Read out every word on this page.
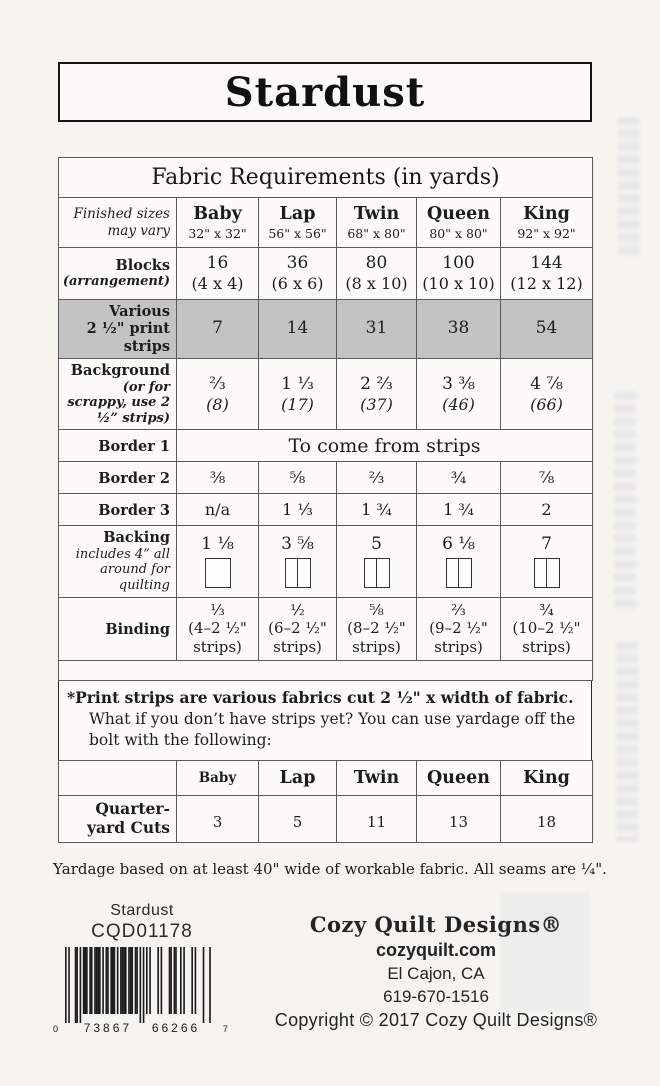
Stardust
Fabric Requirements (in yards)					
Finished sizes may vary	
Baby
32" x 32"

Lap
56" x 56"

Twin
68" x 80"

Queen
80" x 80"

King
92" x 92"

Blocks
(arrangement)

16
(4 x 4)

36
(6 x 6)

80
(8 x 10)

100
(10 x 10)

144
(12 x 12)

Various
2 ½" print strips	7	14	31	38	54

Background
(or for scrappy, use 2 ½” strips)

⅔
(8)

1 ⅓
(17)

2 ⅔
(37)

3 ⅜
(46)

4 ⅞
(66)

Border 1	To come from strips				
Border 2	⅜	⅝	⅔	¾	⅞
Border 3	n/a	1 ⅓	1 ¾	1 ¾	2

Backing
includes 4” all around for quilting	1 ⅛	3 ⅝	5	6 ⅛	7

Binding	
⅓
(4–2 ½" strips)

½
(6–2 ½" strips)

⅝
(8–2 ½" strips)

⅔
(9–2 ½" strips)

¾
(10–2 ½" strips)

*Print strips are various fabrics cut 2 ½" x width of fabric. What if you don’t have strips yet? You can use yardage off the bolt with the following:
	Baby	Lap	Twin	Queen	King
Quarter-yard Cuts	3	5	11	13	18

Yardage based on at least 40" wide of workable fabric. All seams are ¼".

Stardust
CQD01178
0 73867 66266	7
Cozy Quilt Designs®
cozyquilt.com
El Cajon, CA
619-670-1516
Copyright © 2017 Cozy Quilt Designs®
